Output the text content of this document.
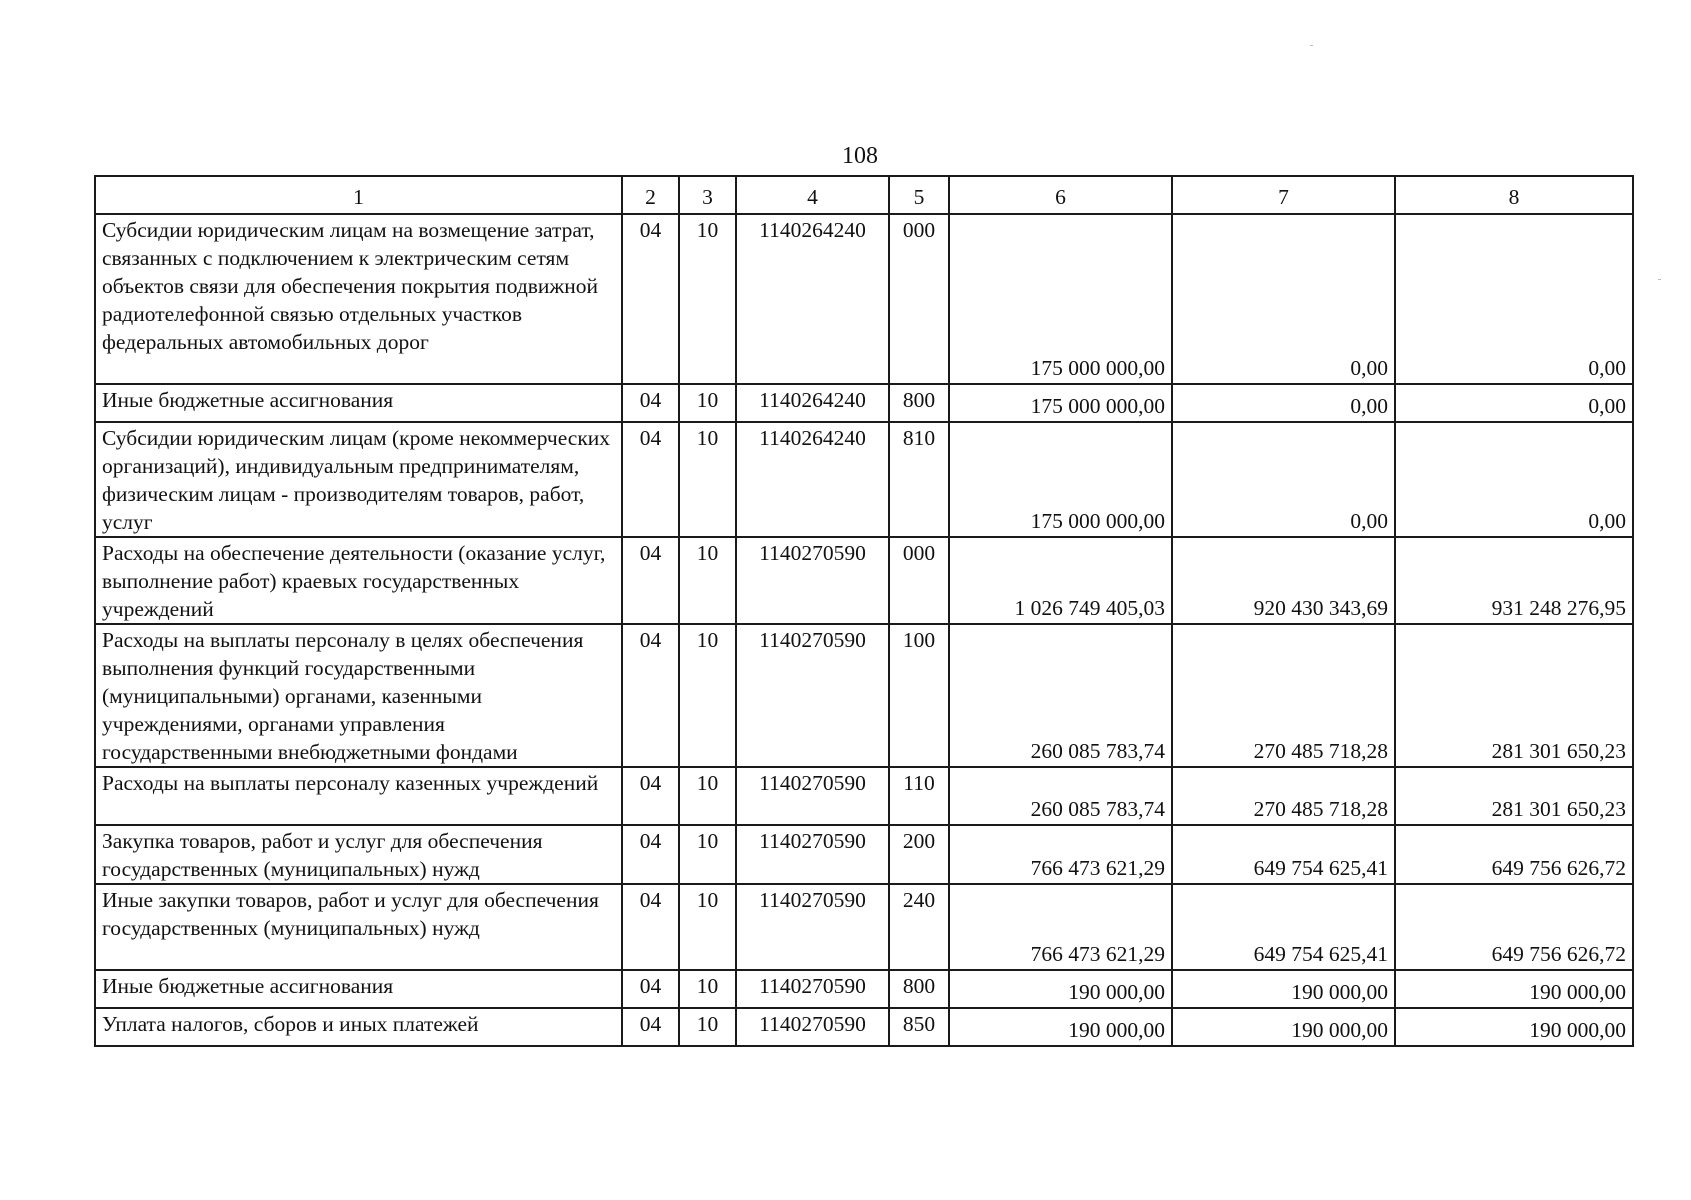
108
1	2	3	4	5	6	7	8
Субсидии юридическим лицам на возмещение затрат, связанных с подключением к электрическим сетям объектов связи для обеспечения покрытия подвижной радиотелефонной связью отдельных участков федеральных автомобильных дорог	04	10	1140264240	000	175 000 000,00	0,00	0,00
Иные бюджетные ассигнования	04	10	1140264240	800	175 000 000,00	0,00	0,00
Субсидии юридическим лицам (кроме некоммерческих организаций), индивидуальным предпринимателям, физическим лицам - производителям товаров, работ, услуг	04	10	1140264240	810	175 000 000,00	0,00	0,00
Расходы на обеспечение деятельности (оказание услуг, выполнение работ) краевых государственных учреждений	04	10	1140270590	000	1 026 749 405,03	920 430 343,69	931 248 276,95
Расходы на выплаты персоналу в целях обеспечения выполнения функций государственными (муниципальными) органами, казенными учреждениями, органами управления государственными внебюджетными фондами	04	10	1140270590	100	260 085 783,74	270 485 718,28	281 301 650,23
Расходы на выплаты персоналу казенных учреждений	04	10	1140270590	110	260 085 783,74	270 485 718,28	281 301 650,23
Закупка товаров, работ и услуг для обеспечения государственных (муниципальных) нужд	04	10	1140270590	200	766 473 621,29	649 754 625,41	649 756 626,72
Иные закупки товаров, работ и услуг для обеспечения государственных (муниципальных) нужд	04	10	1140270590	240	766 473 621,29	649 754 625,41	649 756 626,72
Иные бюджетные ассигнования	04	10	1140270590	800	190 000,00	190 000,00	190 000,00
Уплата налогов, сборов и иных платежей	04	10	1140270590	850	190 000,00	190 000,00	190 000,00
